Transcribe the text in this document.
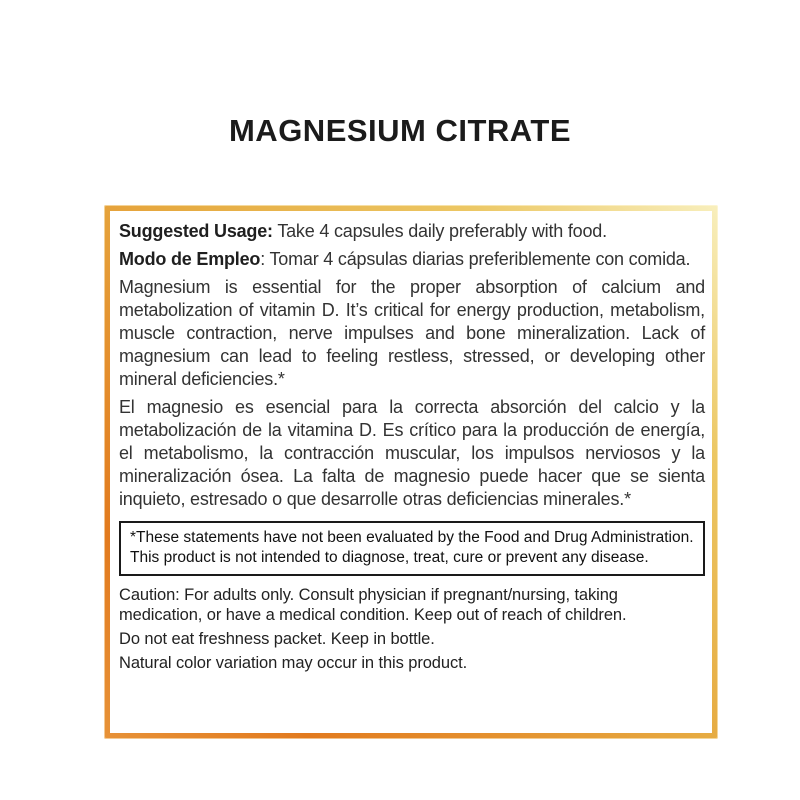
MAGNESIUM CITRATE

Suggested Usage: Take 4 capsules daily preferably with food.

Modo de Empleo: Tomar 4 cápsulas diarias preferiblemente con comida.

Magnesium is essential for the proper absorption of calcium and metabolization of vitamin D. It’s critical for energy production, metabolism, muscle contraction, nerve impulses and bone mineralization. Lack of magnesium can lead to feeling restless, stressed, or developing other mineral deficiencies.*

El magnesio es esencial para la correcta absorción del calcio y la metabolización de la vitamina D. Es crítico para la producción de energía, el metabolismo, la contracción muscular, los impulsos nerviosos y la mineralización ósea. La falta de magnesio puede hacer que se sienta inquieto, estresado o que desarrolle otras deficiencias minerales.*

*These statements have not been evaluated by the Food and Drug Administration. This product is not intended to diagnose, treat, cure or prevent any disease.

Caution: For adults only. Consult physician if pregnant/nursing, taking medication, or have a medical condition. Keep out of reach of children.

Do not eat freshness packet. Keep in bottle.

Natural color variation may occur in this product.
